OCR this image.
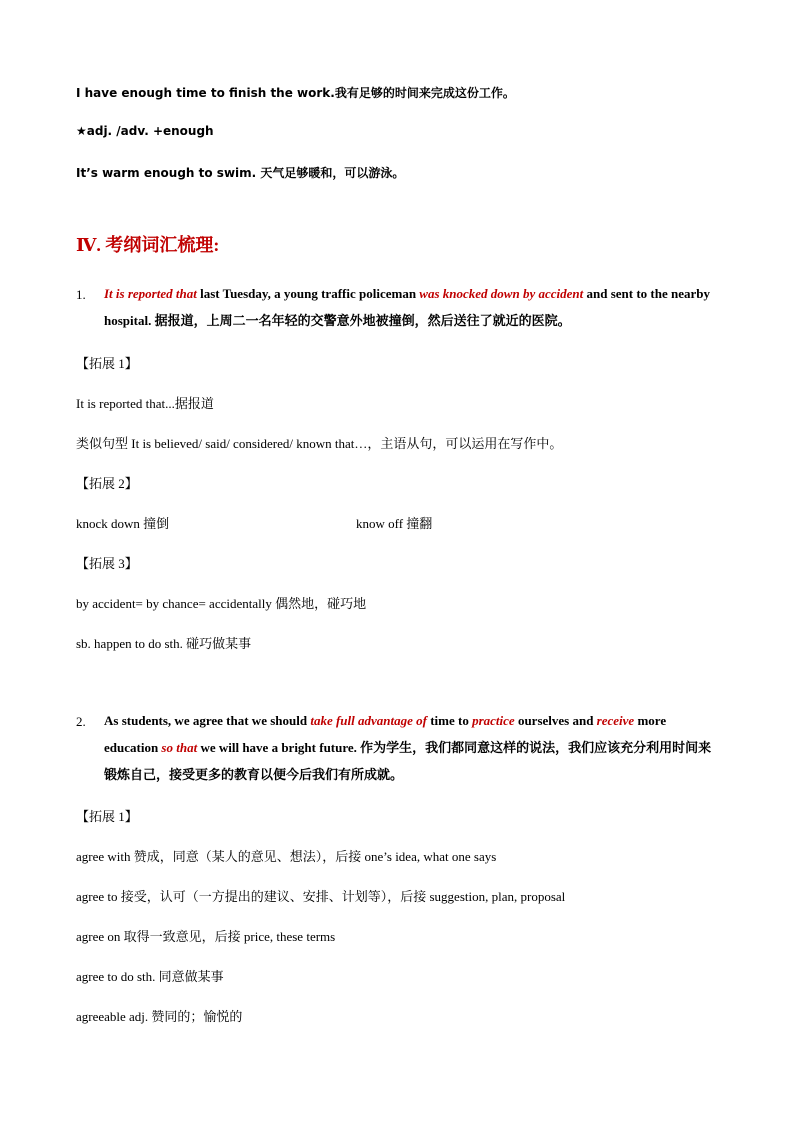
I have enough time to finish the work.我有足够的时间来完成这份工作。
★adj. /adv. +enough
It’s warm enough to swim. 天气足够暖和，可以游泳。
Ⅳ. 考纲词汇梳理:
1. It is reported that last Tuesday, a young traffic policeman was knocked down by accident and sent to the nearby hospital. 据报道，上周二一名年轻的交警意外地被撞倒，然后送往了就近的医院。
【拓展 1】
It is reported that...据报道
类似句型 It is believed/ said/ considered/ known that…，主语从句，可以运用在写作中。
【拓展 2】
knock down 撞倒	know off 撞翻
【拓展 3】
by accident= by chance= accidentally 偶然地，碰巧地
sb. happen to do sth. 碰巧做某事
2. As students, we agree that we should take full advantage of time to practice ourselves and receive more education so that we will have a bright future. 作为学生，我们都同意这样的说法，我们应该充分利用时间来锻炼自己，接受更多的教育以便今后我们有所成就。
【拓展 1】
agree with 赞成，同意（某人的意见、想法），后接 one’s idea, what one says
agree to 接受，认可（一方提出的建议、安排、计划等），后接 suggestion, plan, proposal
agree on 取得一致意见，后接 price, these terms
agree to do sth. 同意做某事
agreeable adj. 赞同的；愉悦的
